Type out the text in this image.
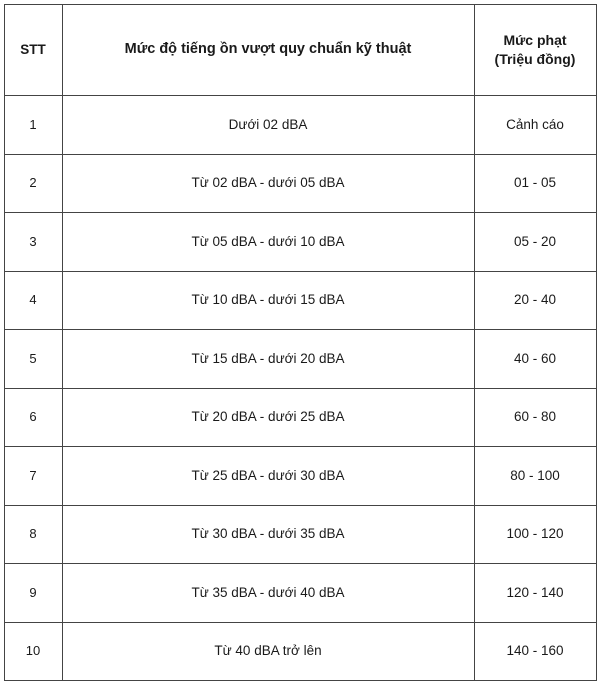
STT	Mức độ tiếng ồn vượt quy chuẩn kỹ thuật	Mức phạt
(Triệu đồng)

1	Dưới 02 dBA	Cảnh cáo
2	Từ 02 dBA - dưới 05 dBA	01 - 05
3	Từ 05 dBA - dưới 10 dBA	05 - 20
4	Từ 10 dBA - dưới 15 dBA	20 - 40
5	Từ 15 dBA - dưới 20 dBA	40 - 60
6	Từ 20 dBA - dưới 25 dBA	60 - 80
7	Từ 25 dBA - dưới 30 dBA	80 - 100
8	Từ 30 dBA - dưới 35 dBA	100 - 120
9	Từ 35 dBA - dưới 40 dBA	120 - 140
10	Từ 40 dBA trở lên	140 - 160
